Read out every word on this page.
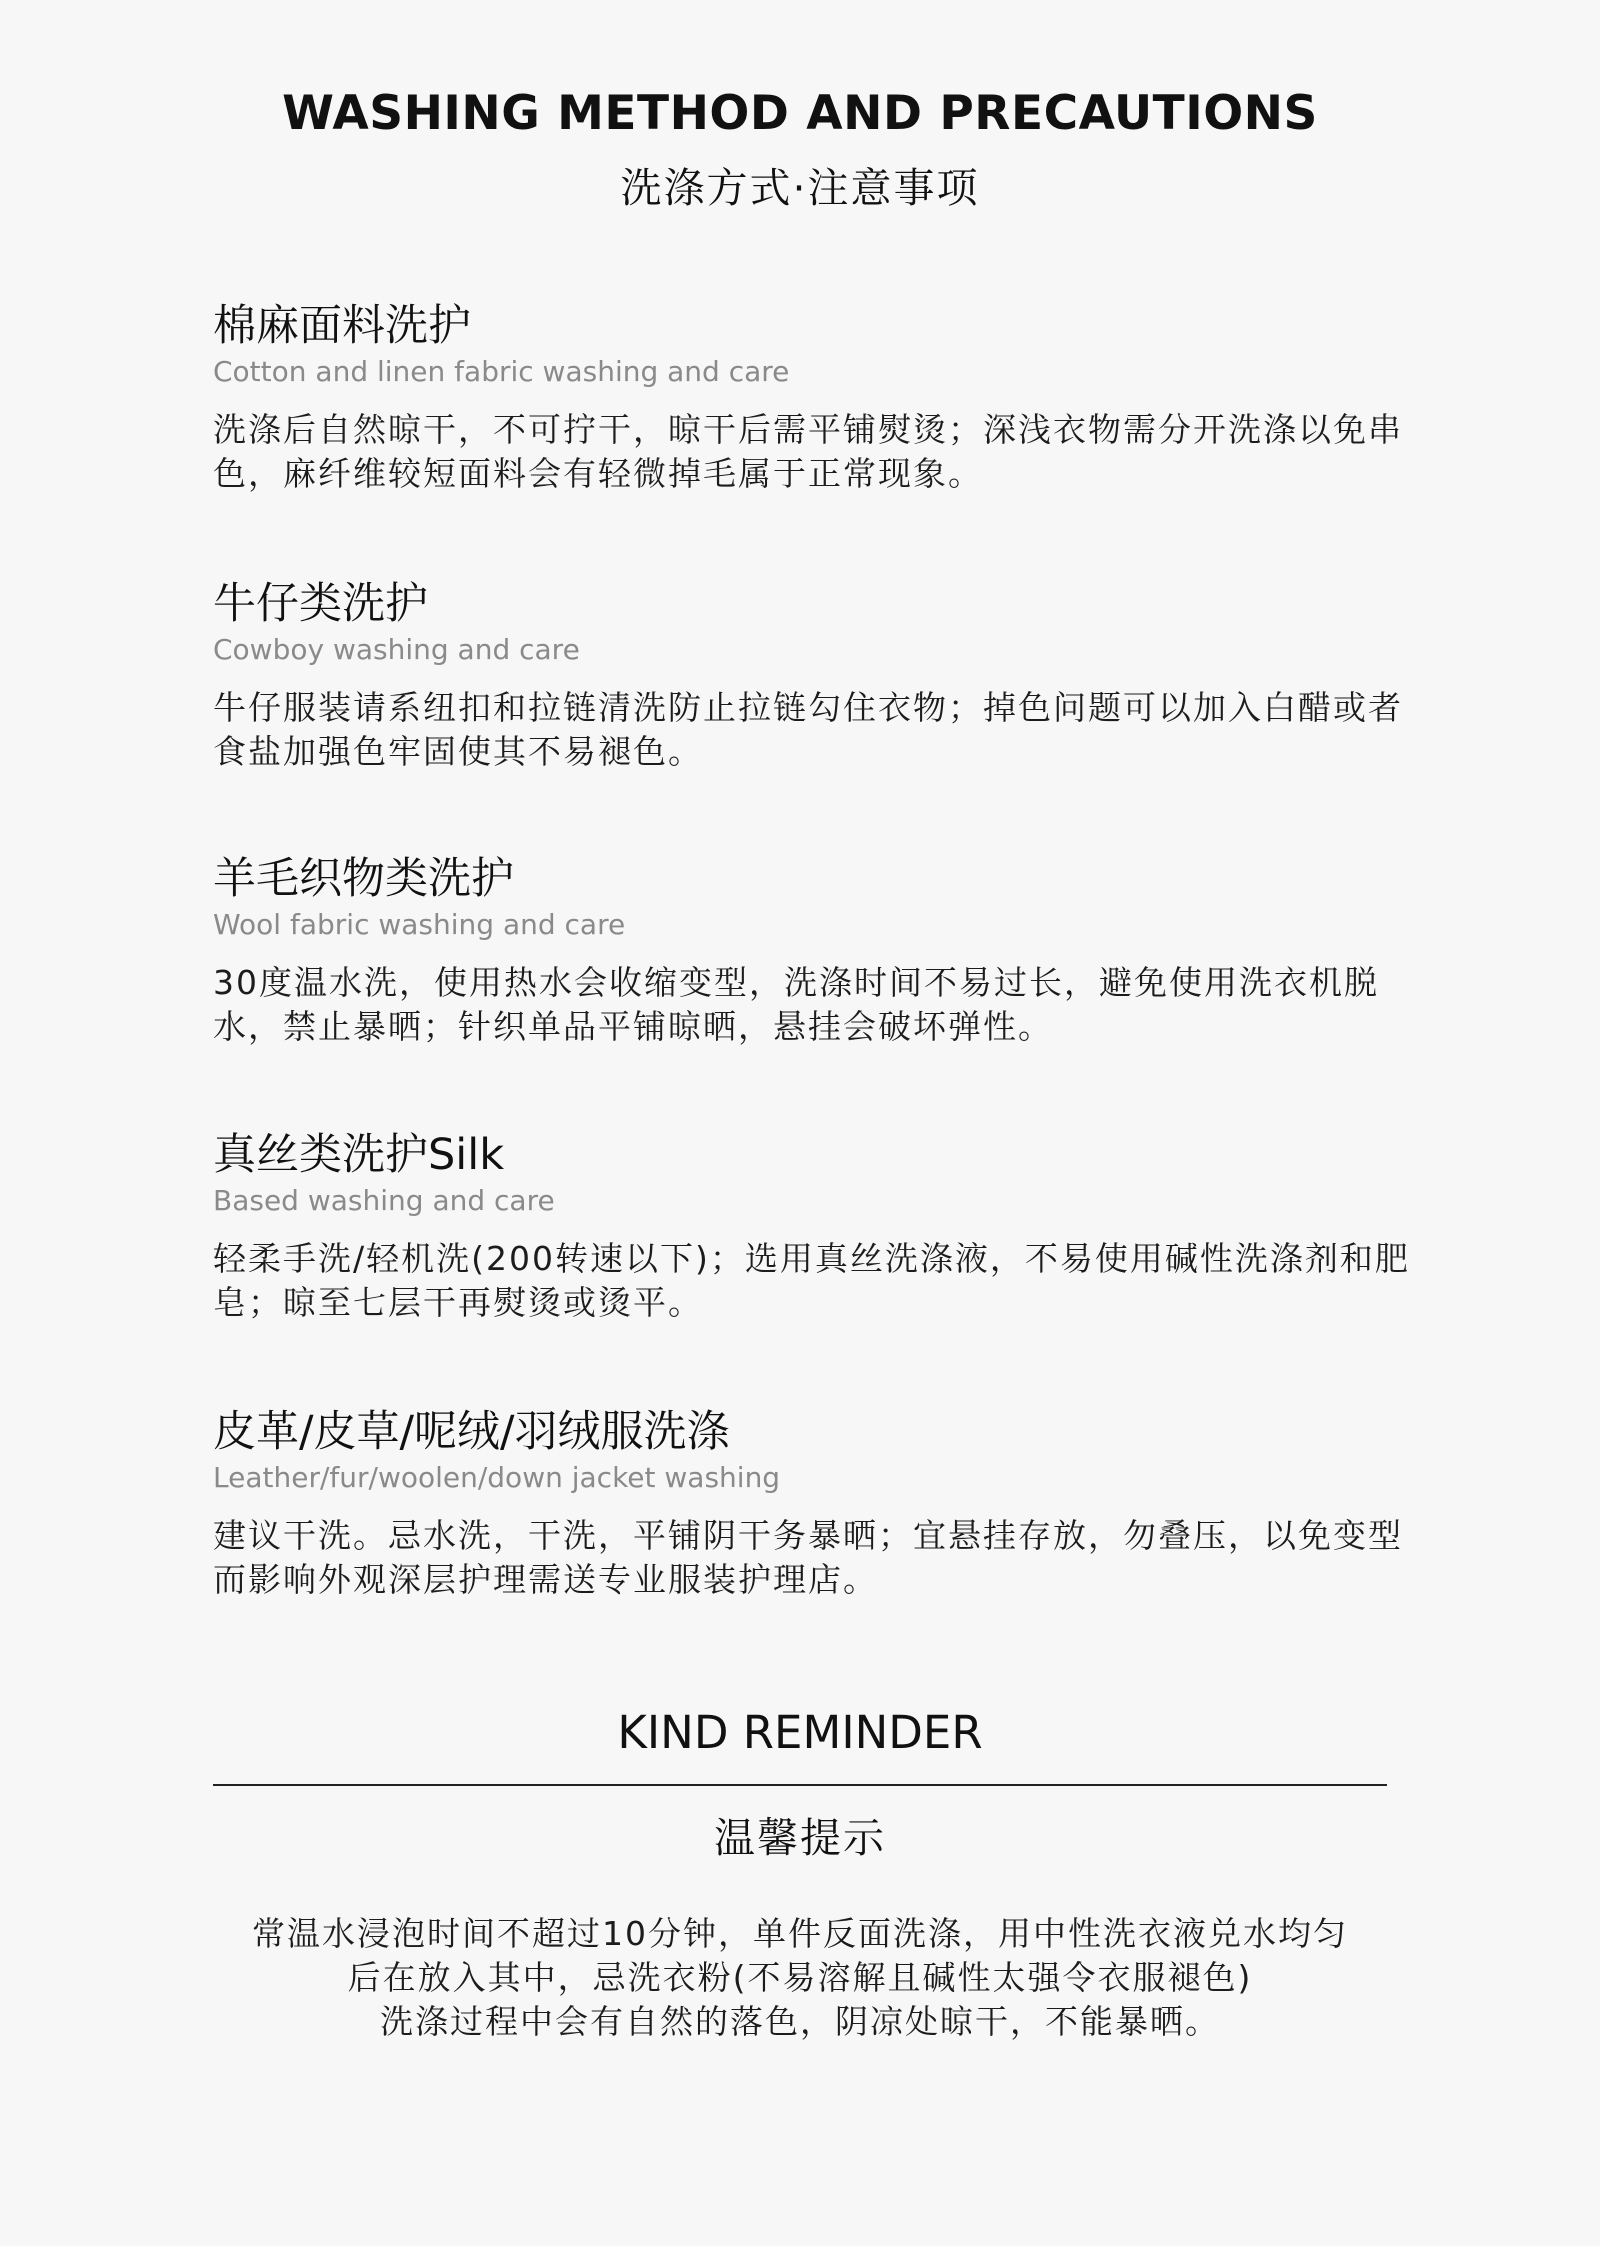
WASHING METHOD AND PRECAUTIONS
洗涤方式·注意事项
棉麻面料洗护
Cotton and linen fabric washing and care
洗涤后自然晾干，不可拧干，晾干后需平铺熨烫；深浅衣物需分开洗涤以免串色，麻纤维较短面料会有轻微掉毛属于正常现象。
牛仔类洗护
Cowboy washing and care
牛仔服装请系纽扣和拉链清洗防止拉链勾住衣物；掉色问题可以加入白醋或者食盐加强色牢固使其不易褪色。
羊毛织物类洗护
Wool fabric washing and care
30度温水洗，使用热水会收缩变型，洗涤时间不易过长，避免使用洗衣机脱水，禁止暴晒；针织单品平铺晾晒，悬挂会破坏弹性。
真丝类洗护Silk
Based washing and care
轻柔手洗/轻机洗(200转速以下)；选用真丝洗涤液，不易使用碱性洗涤剂和肥皂；晾至七层干再熨烫或烫平。
皮革/皮草/呢绒/羽绒服洗涤
Leather/fur/woolen/down jacket washing
建议干洗。忌水洗，干洗，平铺阴干务暴晒；宜悬挂存放，勿叠压，以免变型而影响外观深层护理需送专业服装护理店。
KIND REMINDER
温馨提示
常温水浸泡时间不超过10分钟，单件反面洗涤，用中性洗衣液兑水均匀
后在放入其中，忌洗衣粉(不易溶解且碱性太强令衣服褪色)
洗涤过程中会有自然的落色，阴凉处晾干，不能暴晒。
